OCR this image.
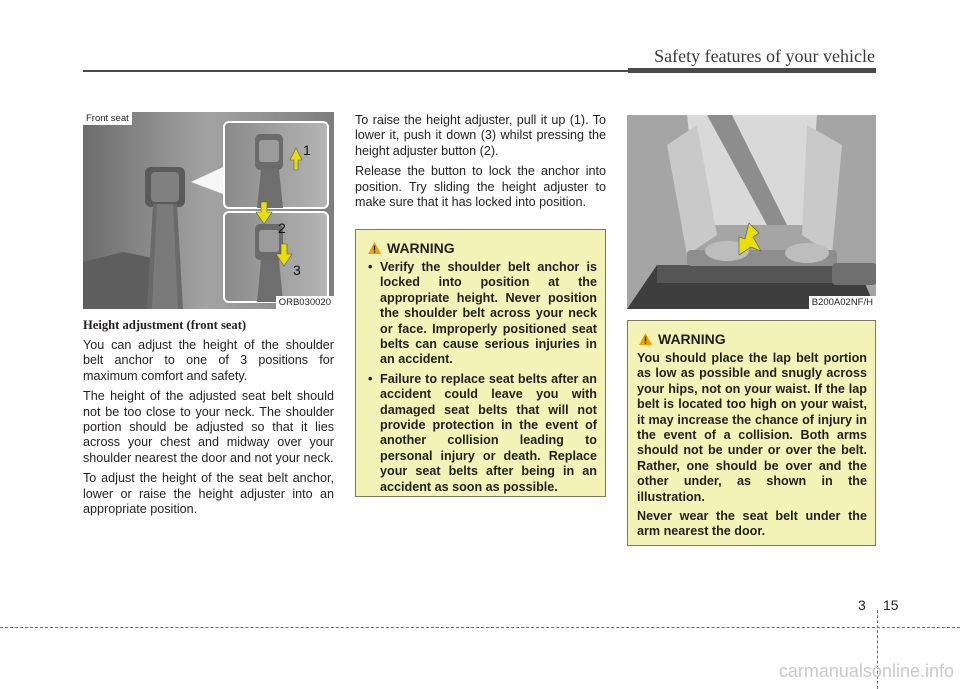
Safety features of your vehicle
1
2
3
Front seat
ORB030020	B200A02NF/H
Height adjustment (front seat)

You can adjust the height of the shoulder belt anchor to one of 3 positions for maximum comfort and safety.

The height of the adjusted seat belt should not be too close to your neck. The shoulder portion should be adjusted so that it lies across your chest and midway over your shoulder nearest the door and not your neck.

To adjust the height of the seat belt anchor, lower or raise the height adjuster into an appropriate position.

To raise the height adjuster, pull it up (1). To lower it, push it down (3) whilst pressing the height adjuster button (2).

Release the button to lock the anchor into position. Try sliding the height adjuster to make sure that it has locked into position.

WARNING
• Verify the shoulder belt anchor is locked into position at the appropriate height. Never position the shoulder belt across your neck or face. Improperly positioned seat belts can cause serious injuries in an accident.
• Failure to replace seat belts after an accident could leave you with damaged seat belts that will not provide protection in the event of another collision leading to personal injury or death. Replace your seat belts after being in an accident as soon as possible.
WARNING

You should place the lap belt portion as low as possible and snugly across your hips, not on your waist. If the lap belt is located too high on your waist, it may increase the chance of injury in the event of a collision. Both arms should not be under or over the belt. Rather, one should be over and the other under, as shown in the illustration.

Never wear the seat belt under the arm nearest the door.

3 15
carmanualsonline.info
